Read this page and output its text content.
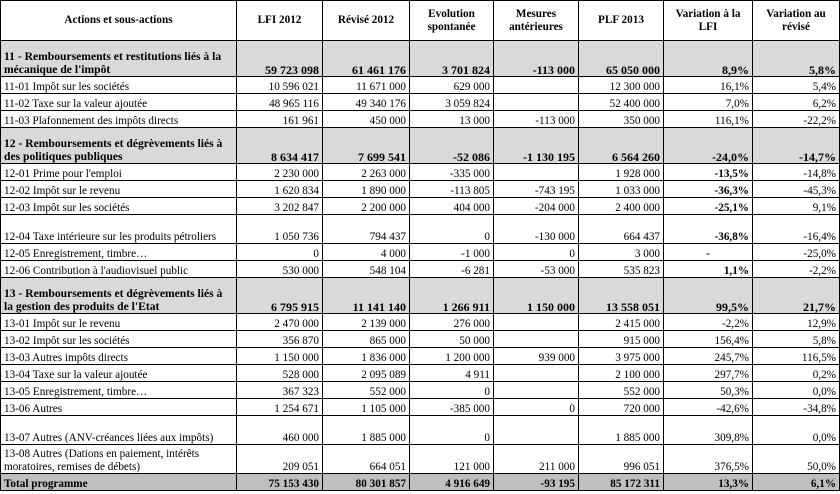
Actions et sous-actions	LFI 2012	Révisé 2012	Evolution spontanée	Mesures antérieures	PLF 2013	Variation à la LFI	Variation au révisé
11 - Remboursements et restitutions liés à la mécanique de l'impôt	59 723 098	61 461 176	3 701 824	-113 000	65 050 000	8,9%	5,8%
11-01 Impôt sur les sociétés	10 596 021	11 671 000	629 000		12 300 000	16,1%	5,4%
11-02 Taxe sur la valeur ajoutée	48 965 116	49 340 176	3 059 824		52 400 000	7,0%	6,2%
11-03 Plafonnement des impôts directs	161 961	450 000	13 000	-113 000	350 000	116,1%	-22,2%
12 - Remboursements et dégrèvements liés à des politiques publiques	8 634 417	7 699 541	-52 086	-1 130 195	6 564 260	-24,0%	-14,7%
12-01 Prime pour l'emploi	2 230 000	2 263 000	-335 000		1 928 000	-13,5%	-14,8%
12-02 Impôt sur le revenu	1 620 834	1 890 000	-113 805	-743 195	1 033 000	-36,3%	-45,3%
12-03 Impôt sur les sociétés	3 202 847	2 200 000	404 000	-204 000	2 400 000	-25,1%	9,1%
12-04 Taxe intérieure sur les produits pétroliers	1 050 736	794 437	0	-130 000	664 437	-36,8%	-16,4%
12-05 Enregistrement, timbre…	0	4 000	-1 000	0	3 000	-	-25,0%
12-06 Contribution à l'audiovisuel public	530 000	548 104	-6 281	-53 000	535 823	1,1%	-2,2%
13 - Remboursements et dégrèvements liés à la gestion des produits de l'Etat	6 795 915	11 141 140	1 266 911	1 150 000	13 558 051	99,5%	21,7%
13-01 Impôt sur le revenu	2 470 000	2 139 000	276 000		2 415 000	-2,2%	12,9%
13-02 Impôt sur les sociétés	356 870	865 000	50 000		915 000	156,4%	5,8%
13-03 Autres impôts directs	1 150 000	1 836 000	1 200 000	939 000	3 975 000	245,7%	116,5%
13-04 Taxe sur la valeur ajoutée	528 000	2 095 089	4 911		2 100 000	297,7%	0,2%
13-05 Enregistrement, timbre…	367 323	552 000	0		552 000	50,3%	0,0%
13-06 Autres	1 254 671	1 105 000	-385 000	0	720 000	-42,6%	-34,8%
13-07 Autres (ANV-créances liées aux impôts)	460 000	1 885 000	0		1 885 000	309,8%	0,0%
13-08 Autres (Dations en paiement, intérêts moratoires, remises de débets)	209 051	664 051	121 000	211 000	996 051	376,5%	50,0%
Total programme	75 153 430	80 301 857	4 916 649	-93 195	85 172 311	13,3%	6,1%
